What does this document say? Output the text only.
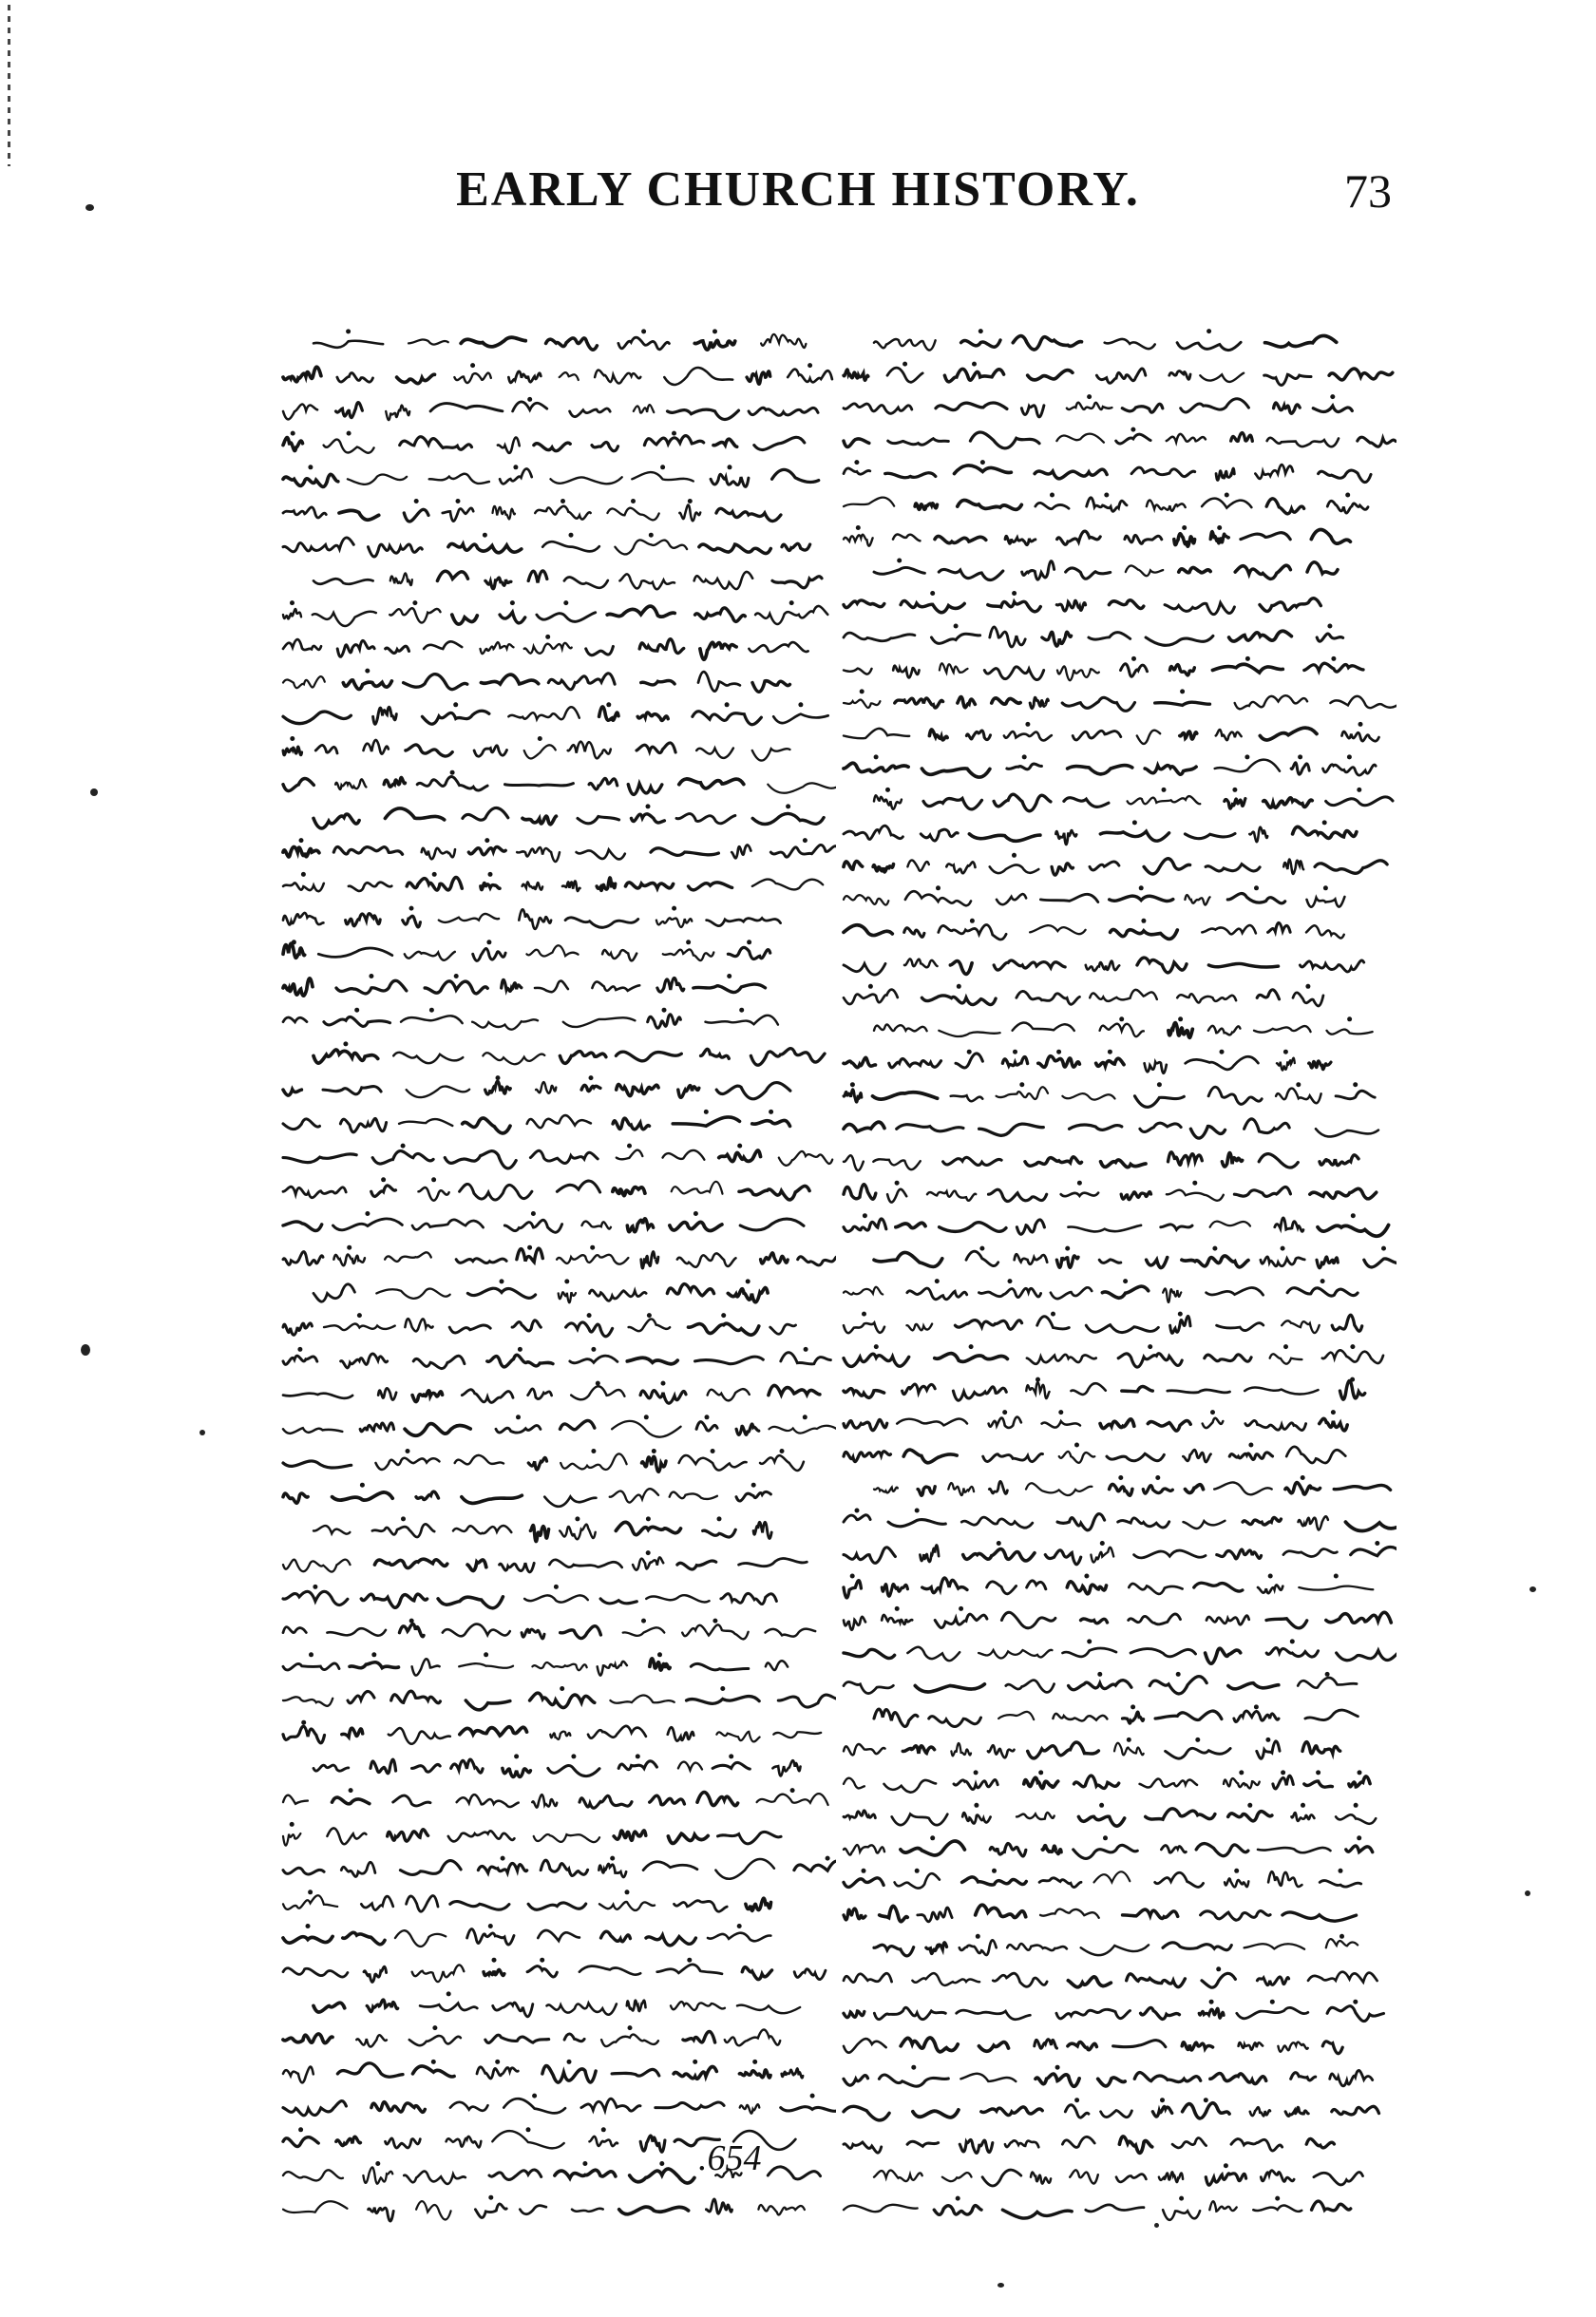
EARLY CHURCH HISTORY.	73
.654
